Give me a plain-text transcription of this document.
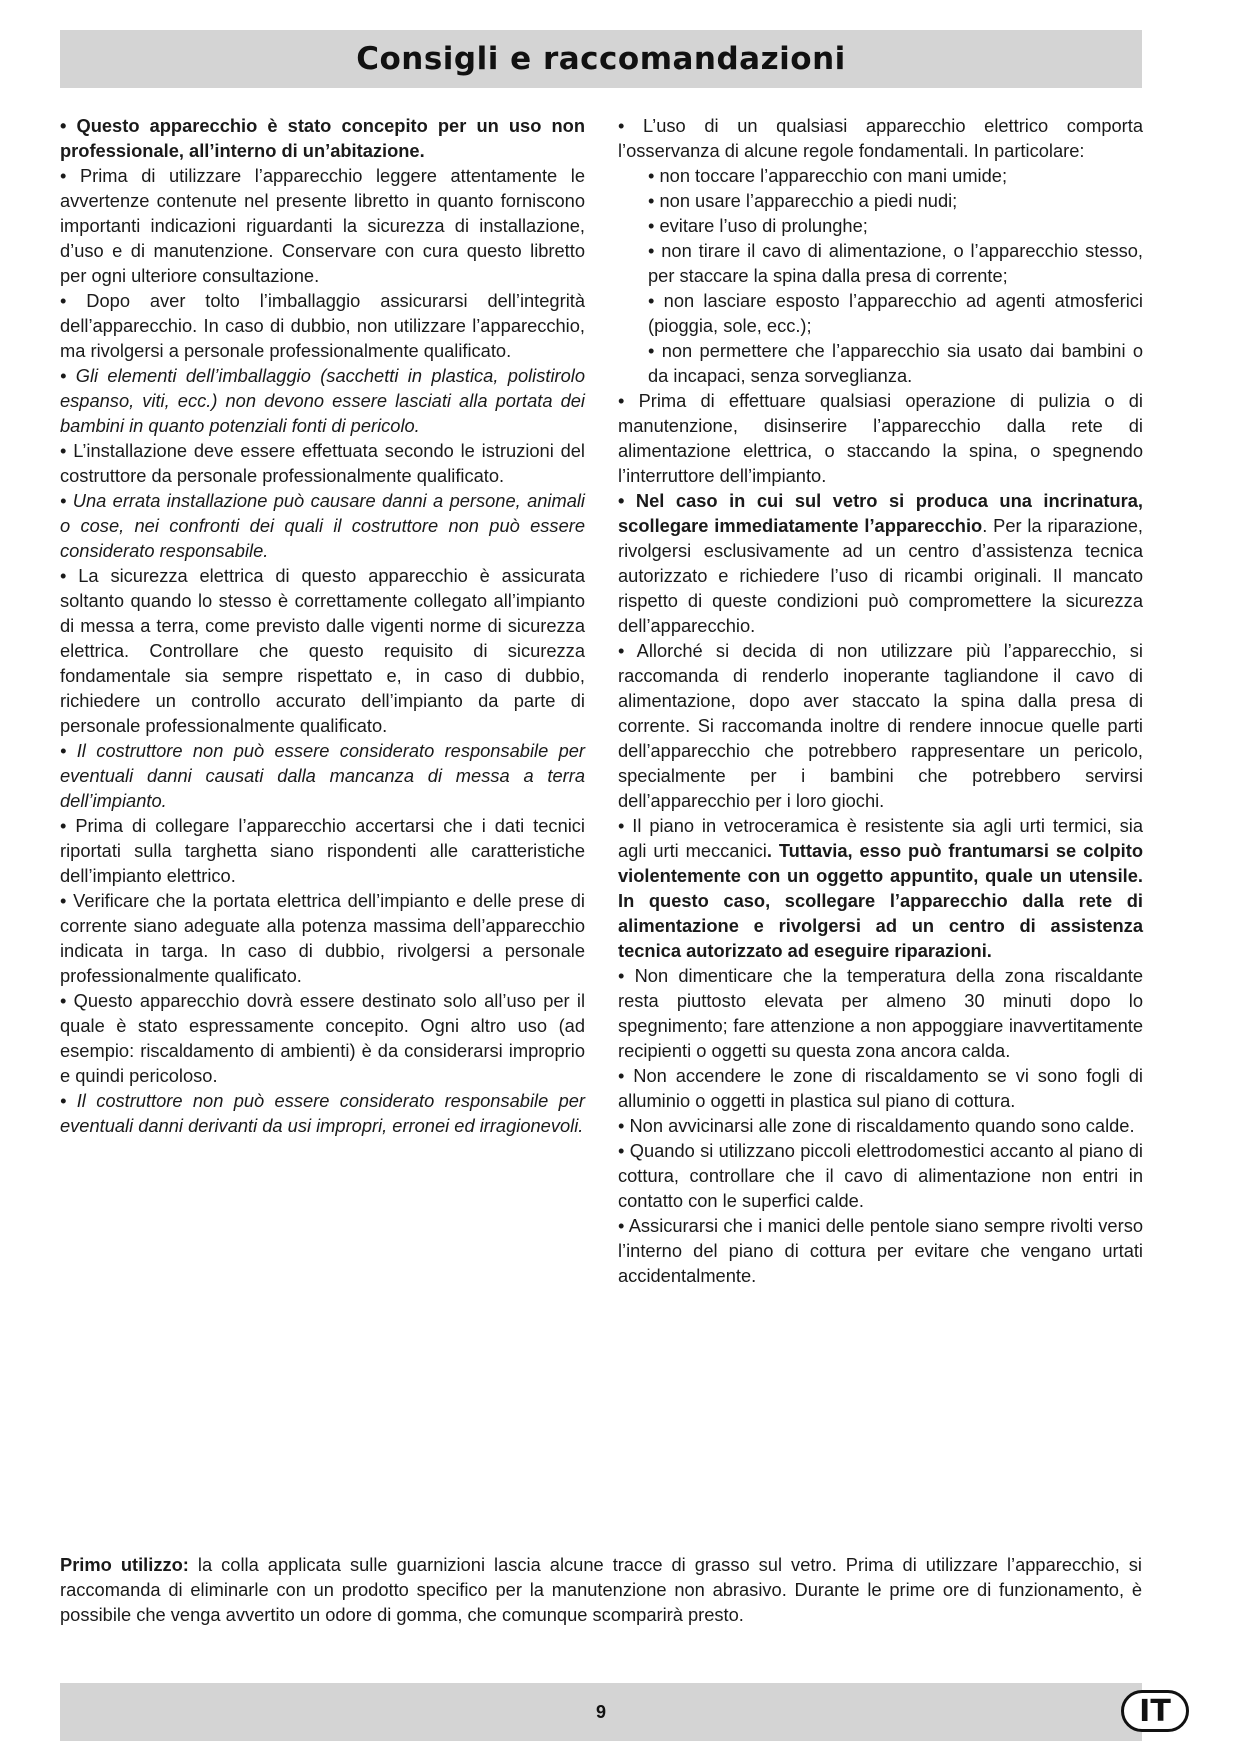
Consigli e raccomandazioni

• Questo apparecchio è stato concepito per un uso non professionale, all’interno di un’abitazione.

• Prima di utilizzare l’apparecchio leggere attentamente le avvertenze contenute nel presente libretto in quanto forniscono importanti indicazioni riguardanti la sicurezza di installazione, d’uso e di manutenzione. Conservare con cura questo libretto per ogni ulteriore consultazione.

• Dopo aver tolto l’imballaggio assicurarsi dell’integrità dell’apparecchio. In caso di dubbio, non utilizzare l’apparecchio, ma rivolgersi a personale professionalmente qualificato.

• Gli elementi dell’imballaggio (sacchetti in plastica, polistirolo espanso, viti, ecc.) non devono essere lasciati alla portata dei bambini in quanto potenziali fonti di pericolo.

• L’installazione deve essere effettuata secondo le istruzioni del costruttore da personale professionalmente qualificato.

• Una errata installazione può causare danni a persone, animali o cose, nei confronti dei quali il costruttore non può essere considerato responsabile.

• La sicurezza elettrica di questo apparecchio è assicurata soltanto quando lo stesso è correttamente collegato all’impianto di messa a terra, come previsto dalle vigenti norme di sicurezza elettrica. Controllare che questo requisito di sicurezza fondamentale sia sempre rispettato e, in caso di dubbio, richiedere un controllo accurato dell’impianto da parte di personale professionalmente qualificato.

• Il costruttore non può essere considerato responsabile per eventuali danni causati dalla mancanza di messa a terra dell’impianto.

• Prima di collegare l’apparecchio accertarsi che i dati tecnici riportati sulla targhetta siano rispondenti alle caratteristiche dell’impianto elettrico.

• Verificare che la portata elettrica dell’impianto e delle prese di corrente siano adeguate alla potenza massima dell’apparecchio indicata in targa. In caso di dubbio, rivolgersi a personale professionalmente qualificato.

• Questo apparecchio dovrà essere destinato solo all’uso per il quale è stato espressamente concepito. Ogni altro uso (ad esempio: riscaldamento di ambienti) è da considerarsi improprio e quindi pericoloso.

• Il costruttore non può essere considerato responsabile per eventuali danni derivanti da usi impropri, erronei ed irragionevoli.

• L’uso di un qualsiasi apparecchio elettrico comporta l’osservanza di alcune regole fondamentali. In particolare:

• non toccare l’apparecchio con mani umide;

• non usare l’apparecchio a piedi nudi;

• evitare l’uso di prolunghe;

• non tirare il cavo di alimentazione, o l’apparecchio stesso, per staccare la spina dalla presa di corrente;

• non lasciare esposto l’apparecchio ad agenti atmosferici (pioggia, sole, ecc.);

• non permettere che l’apparecchio sia usato dai bambini o da incapaci, senza sorveglianza.

• Prima di effettuare qualsiasi operazione di pulizia o di manutenzione, disinserire l’apparecchio dalla rete di alimentazione elettrica, o staccando la spina, o spegnendo l’interruttore dell’impianto.

• Nel caso in cui sul vetro si produca una incrinatura, scollegare immediatamente l’apparecchio. Per la riparazione, rivolgersi esclusivamente ad un centro d’assistenza tecnica autorizzato e richiedere l’uso di ricambi originali. Il mancato rispetto di queste condizioni può compromettere la sicurezza dell’apparecchio.

• Allorché si decida di non utilizzare più l’apparecchio, si raccomanda di renderlo inoperante tagliandone il cavo di alimentazione, dopo aver staccato la spina dalla presa di corrente. Si raccomanda inoltre di rendere innocue quelle parti dell’apparecchio che potrebbero rappresentare un pericolo, specialmente per i bambini che potrebbero servirsi dell’apparecchio per i loro giochi.

• Il piano in vetroceramica è resistente sia agli urti termici, sia agli urti meccanici. Tuttavia, esso può frantumarsi se colpito violentemente con un oggetto appuntito, quale un utensile. In questo caso, scollegare l’apparecchio dalla rete di alimentazione e rivolgersi ad un centro di assistenza tecnica autorizzato ad eseguire riparazioni.

• Non dimenticare che la temperatura della zona riscaldante resta piuttosto elevata per almeno 30 minuti dopo lo spegnimento; fare attenzione a non appoggiare inavvertitamente recipienti o oggetti su questa zona ancora calda.

• Non accendere le zone di riscaldamento se vi sono fogli di alluminio o oggetti in plastica sul piano di cottura.

• Non avvicinarsi alle zone di riscaldamento quando sono calde.

• Quando si utilizzano piccoli elettrodomestici accanto al piano di cottura, controllare che il cavo di alimentazione non entri in contatto con le superfici calde.

• Assicurarsi che i manici delle pentole siano sempre rivolti verso l’interno del piano di cottura per evitare che vengano urtati accidentalmente.

Primo utilizzo: la colla applicata sulle guarnizioni lascia alcune tracce di grasso sul vetro. Prima di utilizzare l’apparecchio, si raccomanda di eliminarle con un prodotto specifico per la manutenzione non abrasivo. Durante le prime ore di funzionamento, è possibile che venga avvertito un odore di gomma, che comunque scomparirà presto.
9	IT
